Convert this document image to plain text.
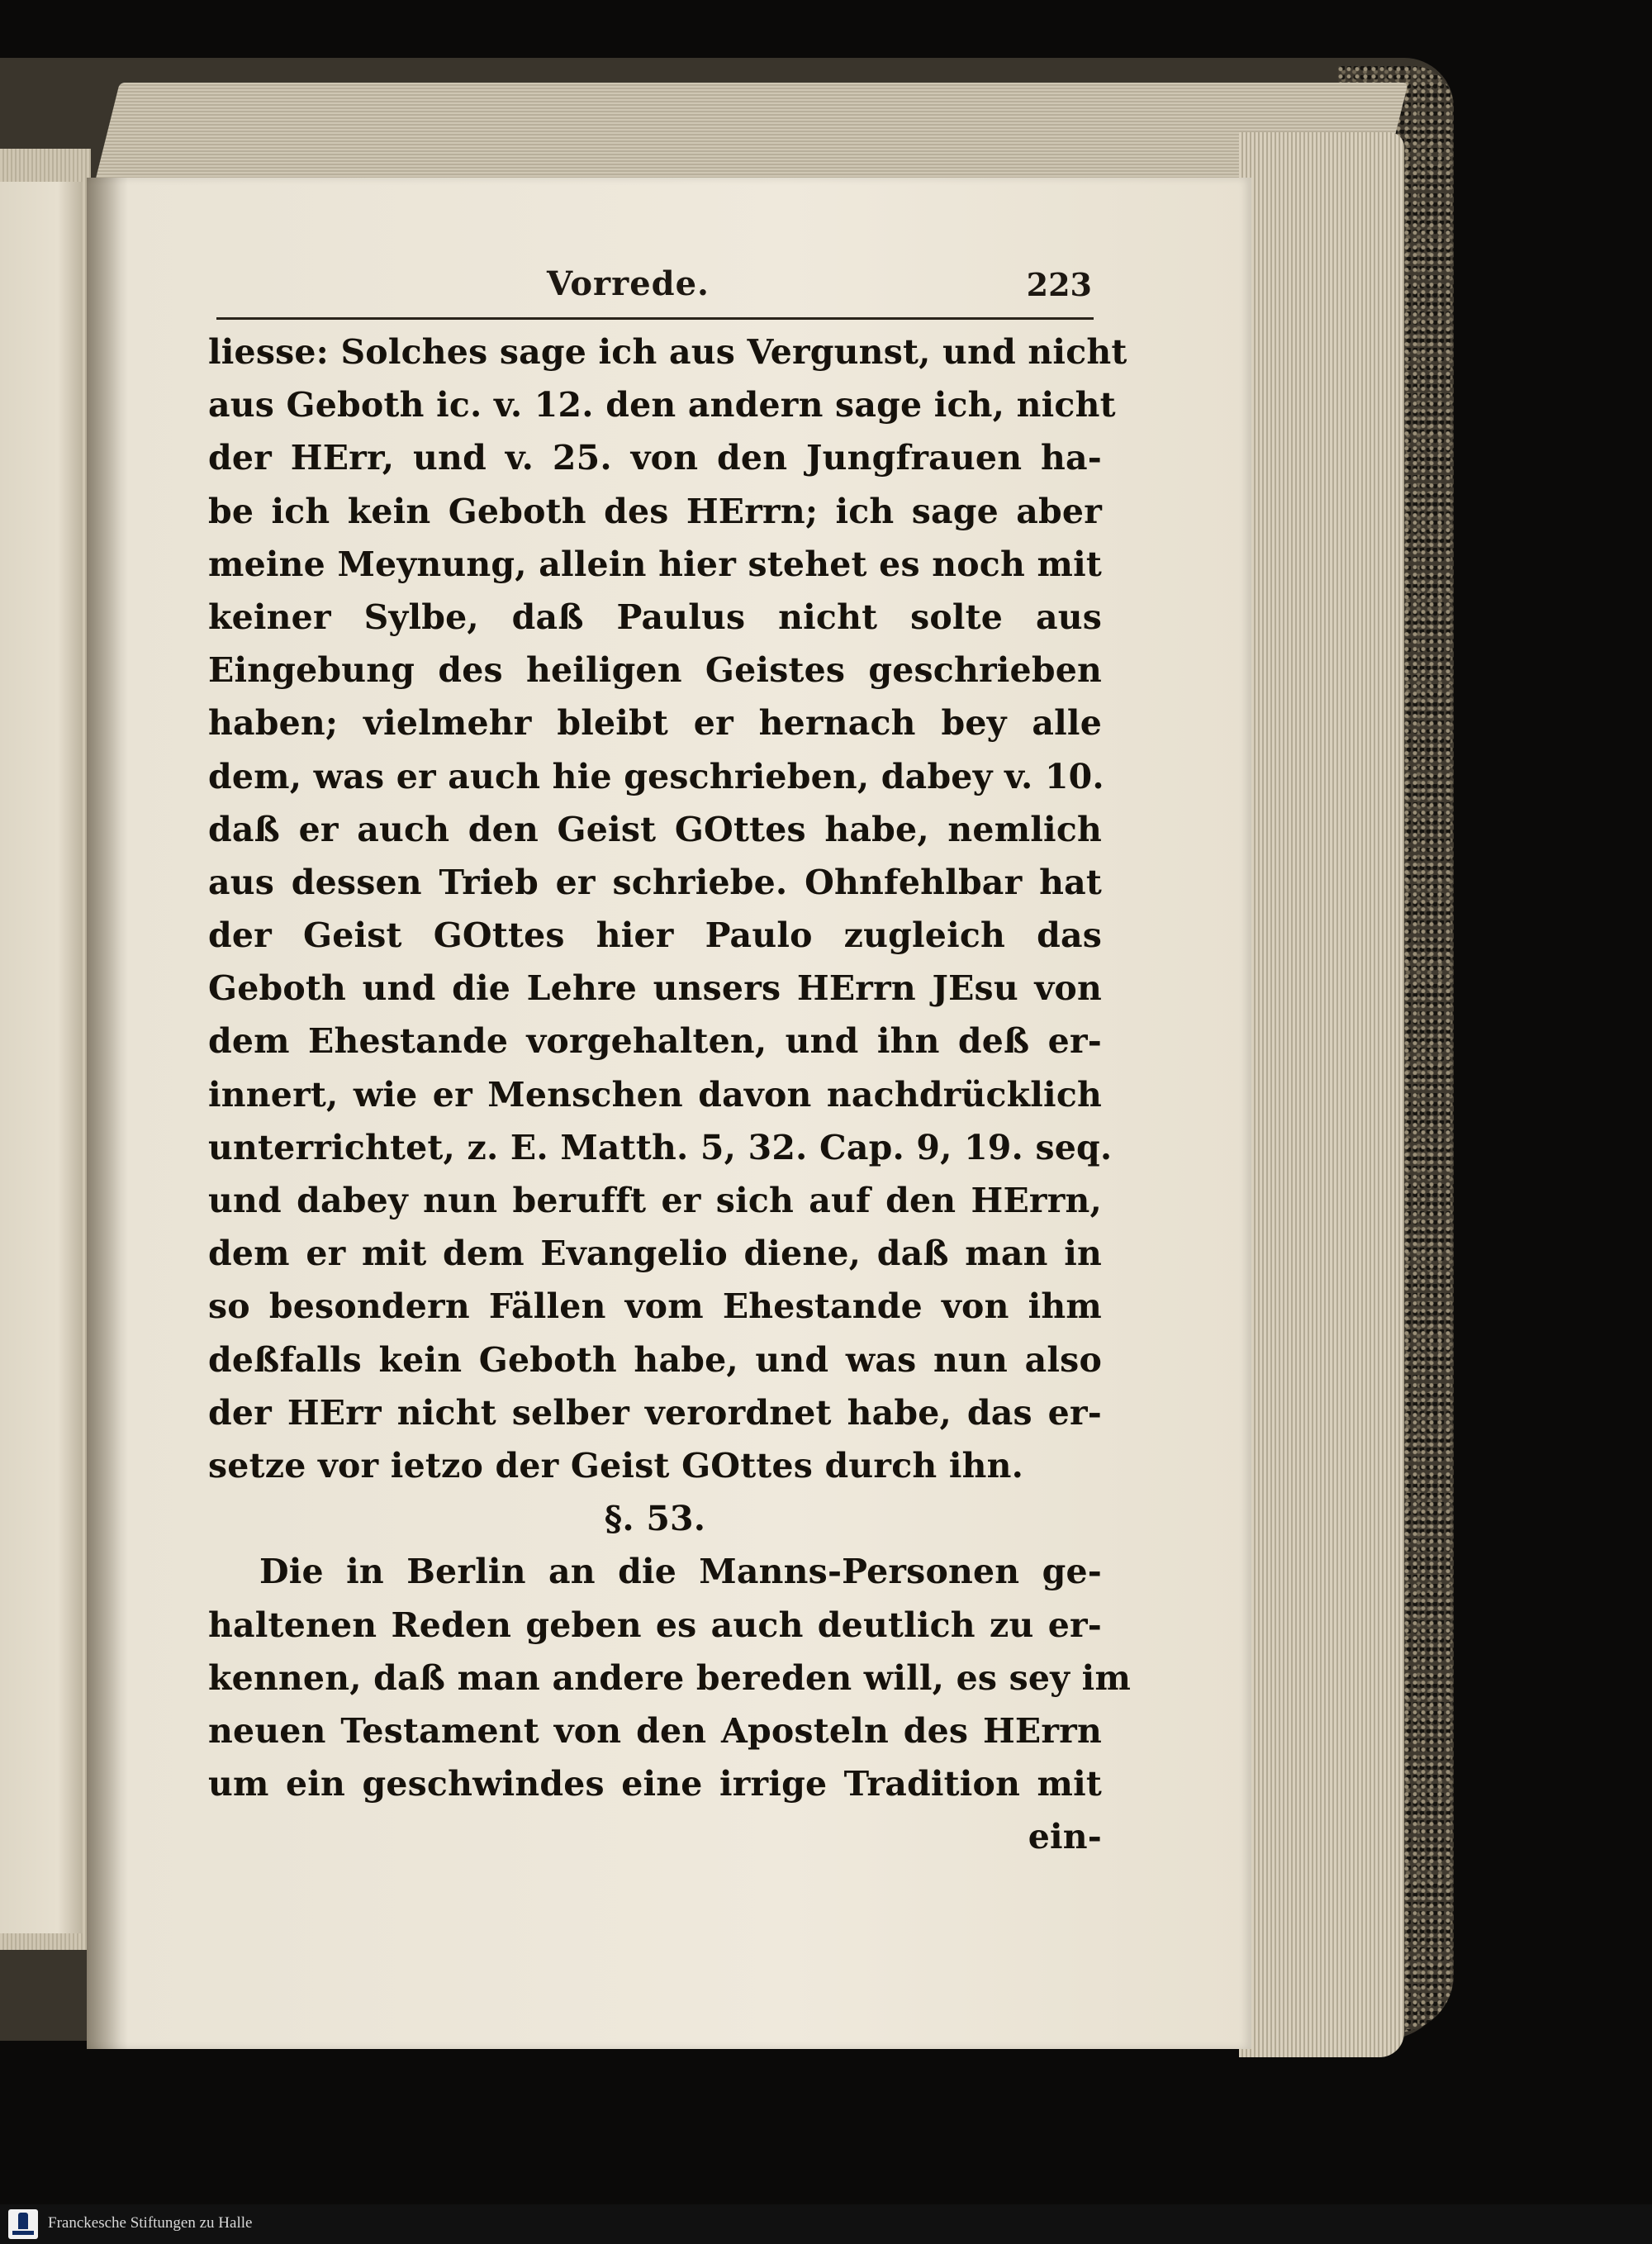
Vorrede.	223
liesse: Solches sage ich aus Vergunst, und nicht
aus Geboth ic. v. 12. den andern sage ich, nicht
der HErr, und v. 25. von den Jungfrauen ha-
be ich kein Geboth des HErrn; ich sage aber
meine Meynung, allein hier stehet es noch mit
keiner Sylbe, daß Paulus nicht solte aus
Eingebung des heiligen Geistes geschrieben
haben; vielmehr bleibt er hernach bey alle
dem, was er auch hie geschrieben, dabey v. 10.
daß er auch den Geist GOttes habe, nemlich
aus dessen Trieb er schriebe. Ohnfehlbar hat
der Geist GOttes hier Paulo zugleich das
Geboth und die Lehre unsers HErrn JEsu von
dem Ehestande vorgehalten, und ihn deß er-
innert, wie er Menschen davon nachdrücklich
unterrichtet, z. E. Matth. 5, 32. Cap. 9, 19. seq.
und dabey nun berufft er sich auf den HErrn,
dem er mit dem Evangelio diene, daß man in
so besondern Fällen vom Ehestande von ihm
deßfalls kein Geboth habe, und was nun also
der HErr nicht selber verordnet habe, das er-
setze vor ietzo der Geist GOttes durch ihn.
§. 53.
Die in Berlin an die Manns-Personen ge-
haltenen Reden geben es auch deutlich zu er-
kennen, daß man andere bereden will, es sey im
neuen Testament von den Aposteln des HErrn
um ein geschwindes eine irrige Tradition mit
ein-
Franckesche Stiftungen zu Halle
